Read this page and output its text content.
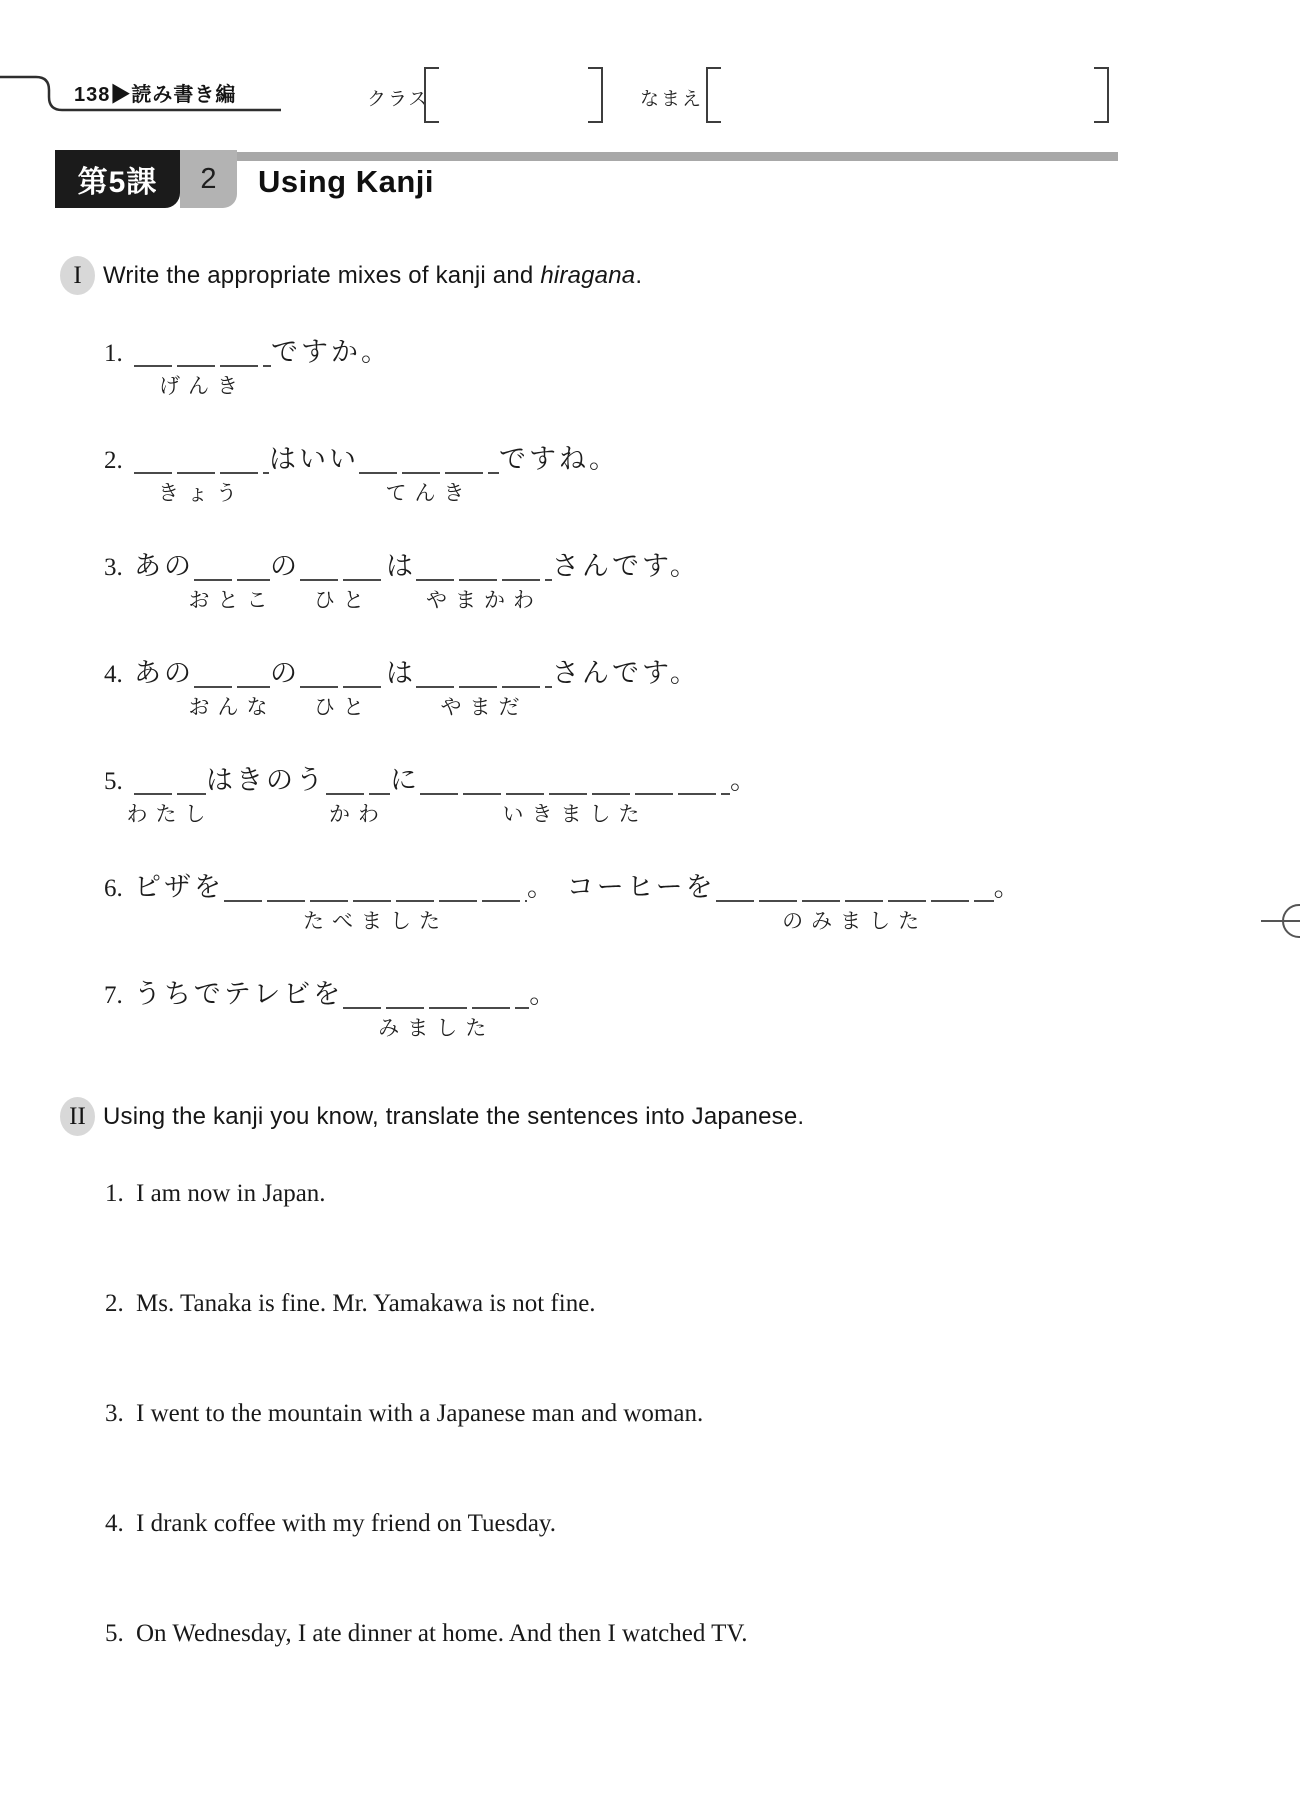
138▶読み書き編	クラス	なまえ
第5課	2	Using Kanji
I Write the appropriate mixes of kanji and hiragana.
1.
げんき
ですか。
2.
きょう
はいい
てんき
ですね。
3. あの
おとこ
の
ひと
は
やまかわ
さんです。
4. あの
おんな
の
ひと
は
やまだ
さんです。
5.
わたし
はきのう
かわ
に
いきました
。
6. ピザを
たべました
。 コーヒーを
のみました
。
7. うちでテレビを
みました
。
II Using the kanji you know, translate the sentences into Japanese.
1. I am now in Japan.
2. Ms. Tanaka is fine. Mr. Yamakawa is not fine.
3. I went to the mountain with a Japanese man and woman.
4. I drank coffee with my friend on Tuesday.
5. On Wednesday, I ate dinner at home. And then I watched TV.
